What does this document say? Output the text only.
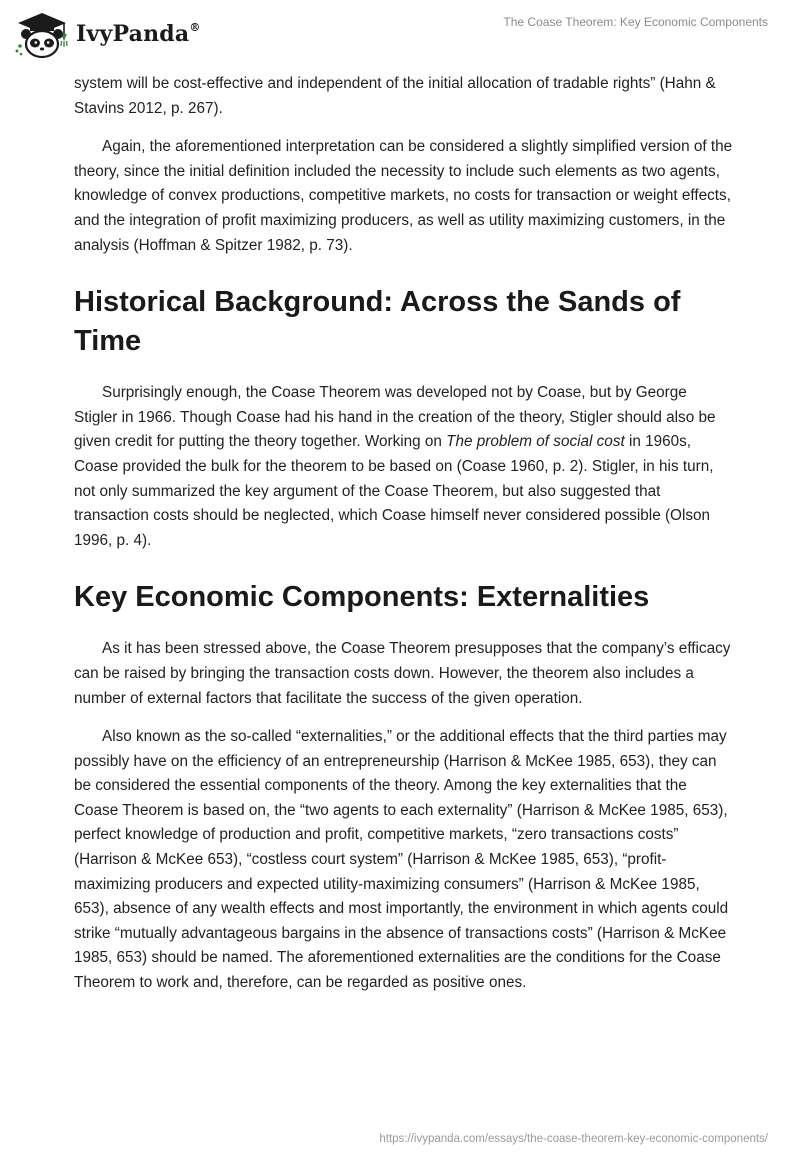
IvyPanda®	The Coase Theorem: Key Economic Components

system will be cost-effective and independent of the initial allocation of tradable rights” (Hahn & Stavins 2012, p. 267).

Again, the aforementioned interpretation can be considered a slightly simplified version of the theory, since the initial definition included the necessity to include such elements as two agents, knowledge of convex productions, competitive markets, no costs for transaction or weight effects, and the integration of profit maximizing producers, as well as utility maximizing customers, in the analysis (Hoffman & Spitzer 1982, p. 73).

Historical Background: Across the Sands of Time

Surprisingly enough, the Coase Theorem was developed not by Coase, but by George Stigler in 1966. Though Coase had his hand in the creation of the theory, Stigler should also be given credit for putting the theory together. Working on The problem of social cost in 1960s, Coase provided the bulk for the theorem to be based on (Coase 1960, p. 2). Stigler, in his turn, not only summarized the key argument of the Coase Theorem, but also suggested that transaction costs should be neglected, which Coase himself never considered possible (Olson 1996, p. 4).

Key Economic Components: Externalities

As it has been stressed above, the Coase Theorem presupposes that the company’s efficacy can be raised by bringing the transaction costs down. However, the theorem also includes a number of external factors that facilitate the success of the given operation.

Also known as the so-called “externalities,” or the additional effects that the third parties may possibly have on the efficiency of an entrepreneurship (Harrison & McKee 1985, 653), they can be considered the essential components of the theory. Among the key externalities that the Coase Theorem is based on, the “two agents to each externality” (Harrison & McKee 1985, 653), perfect knowledge of production and profit, competitive markets, “zero transactions costs” (Harrison & McKee 653), “costless court system” (Harrison & McKee 1985, 653), “profit-maximizing producers and expected utility-maximizing consumers” (Harrison & McKee 1985, 653), absence of any wealth effects and most importantly, the environment in which agents could strike “mutually advantageous bargains in the absence of transactions costs” (Harrison & McKee 1985, 653) should be named. The aforementioned externalities are the conditions for the Coase Theorem to work and, therefore, can be regarded as positive ones.

https://ivypanda.com/essays/the-coase-theorem-key-economic-components/
